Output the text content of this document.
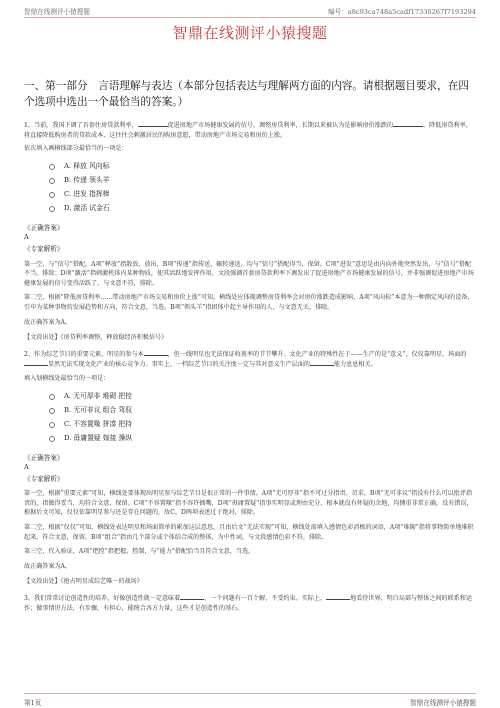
智鼎在线测评小猿搜题	编号：a8c93ca748a5cadf17336267f7193294
智鼎在线测评小猿搜题
一、第一部分　言语理解与表达（本部分包括表达与理解两方面的内容。请根据题目要求，在四个选项中选出一个最恰当的答案。）

1、当前，我国下调了首套住房贷款利率，	促进房地产市场健康发展的信号。调整房贷利率，长期以来被认为是影响房价涨跌的	。降低房贷利率，将直接降低购房者的贷款成本，这往往会刺激居民的购房意愿，带动房地产市场交易和房价上涨。

依次填入画横线部分最恰当的一项是：

A. 释放 风向标
B. 传递 领头羊
C. 进发 指挥棒
D. 激活 试金石

《正确答案》

A

《专家解析》

第一空，与“信号”搭配。A项“释放”指散放、放出，B项“传递”指传送、辗转递送，均与“信号”搭配得当，保留。C项“进发”意思是由内向外地突然发出，与“信号”搭配不当，排除；D项“激活”指刺激机体内某种物质，使其活跃地发挥作用，文段强调首套房贷款利率下调发出了促进房地产市场健康发展的信号，并非强调促进房地产市场健康发展的信号变得活跃了，与文意不符，排除。

第二空，根据“降低房贷利率……带动房地产市场交易和房价上涨”可知，横线处应体现调整房贷利率会对房价涨跌造成影响，A项“风向标”本意为一种测定风向的设备，引申为某种事物的发展趋势和方向，符合文意，当选。B项“领头羊”指团体中起主导作用的人，与文意无关，排除。

故正确答案为A。

【文段出处】《房贷利率调整，释放稳经济积极信号》

2、作为综艺节目的重要元素，明星的参与本	，但一线明星也无法保证收视率的节节攀升。文化产业的特殊性在于——生产的是“意义”，仅仅靠明星、场面的显然无法实现文化产业的核心竞争力。事实上，一档综艺节目的关注度一定与其对意义生产层面的	能力息息相关。

填入划横线处最恰当的一项是：

A. 无可厚非 堆砌 把控
B. 无可非议 组合 驾驭
C. 不容置喙 拼凑 把持
D. 毋庸置疑 嫁接 操纵

《正确答案》

A

《专家解析》

第一空，根据“重要元素”可知，横线处要体现出明星参与综艺节目是很正常的一件事情。A项“无可厚非”指不可过分指责、苛求，B项“无可非议”指没有什么可以批评指责的，指做得妥当，均符合文意，保留。C项“不容置喙”指不容许插嘴，D项“毋庸置疑”指事实明显或理由充分，根本就没有怀疑的余地，均侧重非常正确，没有错误，根据后文可知，仅仅依靠明星参与还是存在问题的，故C、D两项表述过于绝对，排除。

第二空，根据“仅仅”可知，横线处表达明星和场面简单的累加这层意思，且由后文“无法实现”可知，横线处需填入感情色彩消极的词语，A项“堆砌”指将事物简单地堆积起来，符合文意，保留。B项“组合”指由几个部分或个体结合成的整体，为中性词，与文段感情色彩不符，排除。

第三空，代入验证，A项“把控”指把握、控制，与“能力”搭配恰当且符合文意，当选。

故正确答案为A。

【文段出处】《抢占明星成综艺唯一的战场》

3、我们常常讨论创造性的培养，好像创造性就一定意味着	，一个问题有一百个解，不受约束。实际上，	地看待世界，明白局部与整体之间的联系和运作；做事情讲方法，有步骤，有担心，能统合各方力量，这些才是创造性的基石。

第1页	智鼎在线测评小猿搜题
